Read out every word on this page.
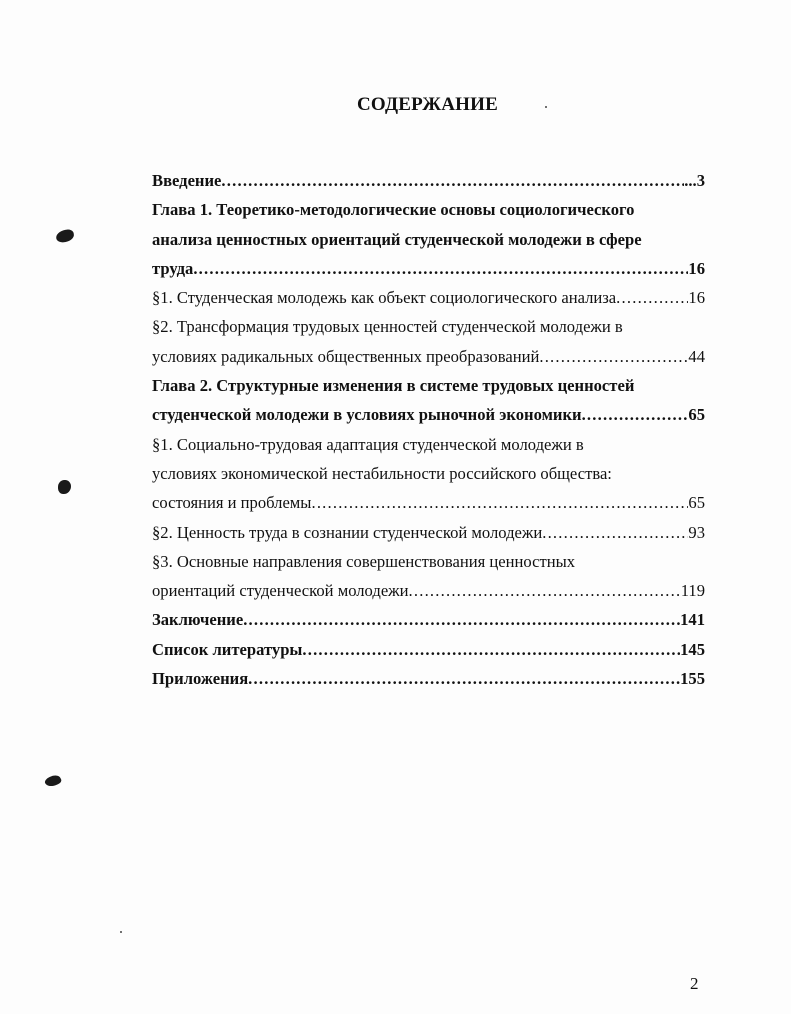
СОДЕРЖАНИЕ
Введение .....	...3
Глава 1. Теоретико-методологические основы социологического
анализа ценностных ориентаций студенческой молодежи в сфере
труда .....	16
§1. Студенческая молодежь как объект социологического анализа .....	16
§2. Трансформация трудовых ценностей студенческой молодежи в
условиях радикальных общественных преобразований .....	44
Глава 2. Структурные изменения в системе трудовых ценностей
студенческой молодежи в условиях рыночной экономики .....	65
§1. Социально-трудовая адаптация студенческой молодежи в
условиях экономической нестабильности российского общества:
состояния и проблемы .....	65
§2. Ценность труда в сознании студенческой молодежи .....	93
§3. Основные направления совершенствования ценностных
ориентаций студенческой молодежи .....	119
Заключение .....	141
Список литературы .....	145
Приложения .....	155
2
